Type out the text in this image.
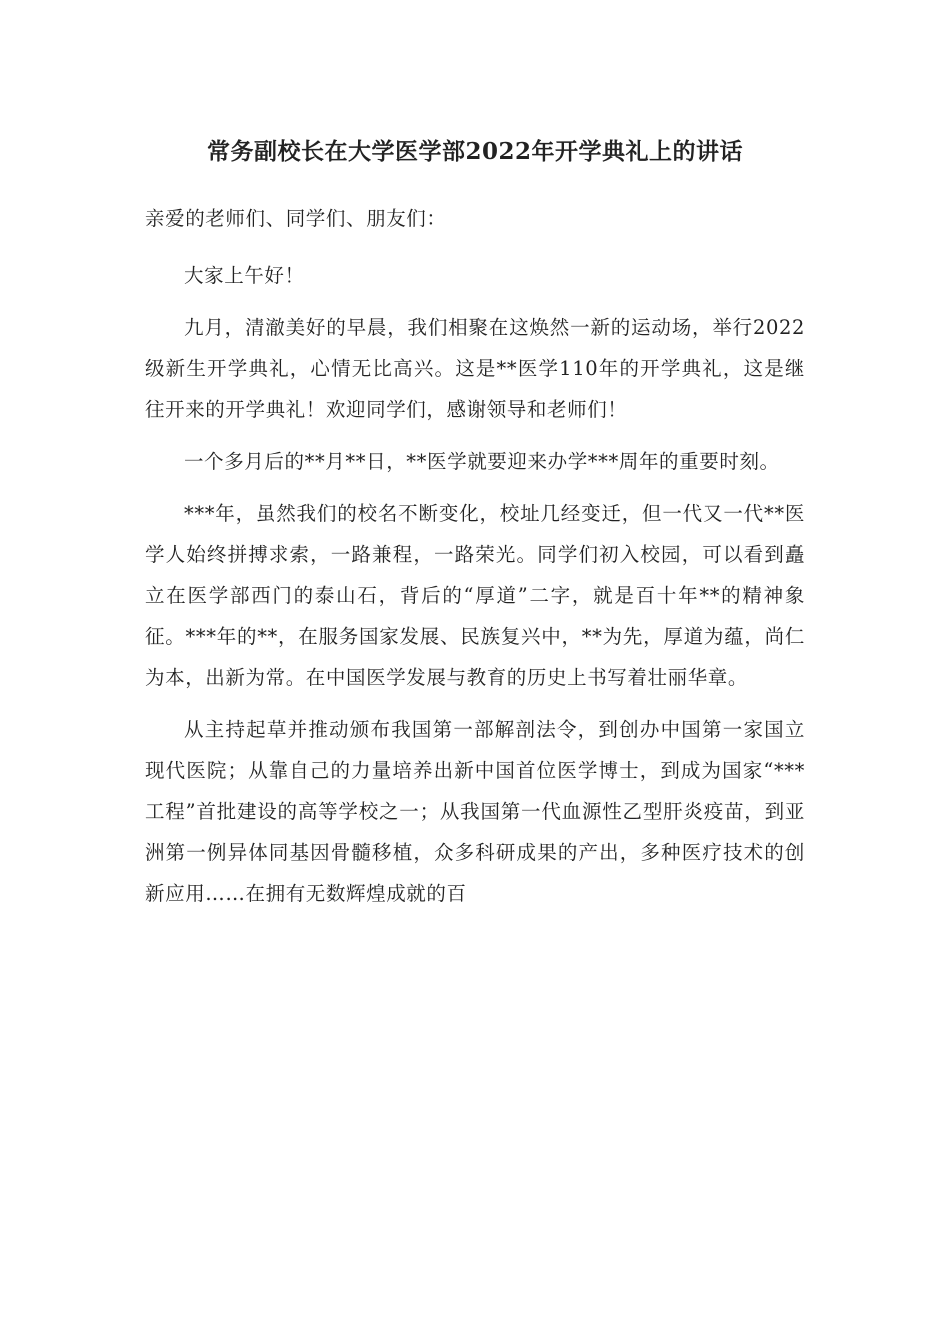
常务副校长在大学医学部2022年开学典礼上的讲话

亲爱的老师们、同学们、朋友们：

大家上午好！

九月，清澈美好的早晨，我们相聚在这焕然一新的运动场，举行2022级新生开学典礼，心情无比高兴。这是**医学110年的开学典礼，这是继往开来的开学典礼！欢迎同学们，感谢领导和老师们！

一个多月后的**月**日，**医学就要迎来办学***周年的重要时刻。

***年，虽然我们的校名不断变化，校址几经变迁，但一代又一代**医学人始终拼搏求索，一路兼程，一路荣光。同学们初入校园，可以看到矗立在医学部西门的泰山石，背后的“厚道”二字，就是百十年**的精神象征。***年的**，在服务国家发展、民族复兴中，**为先，厚道为蕴，尚仁为本，出新为常。在中国医学发展与教育的历史上书写着壮丽华章。

从主持起草并推动颁布我国第一部解剖法令，到创办中国第一家国立现代医院；从靠自己的力量培养出新中国首位医学博士，到成为国家“***工程”首批建设的高等学校之一；从我国第一代血源性乙型肝炎疫苗，到亚洲第一例异体同基因骨髓移植，众多科研成果的产出，多种医疗技术的创新应用……在拥有无数辉煌成就的百
